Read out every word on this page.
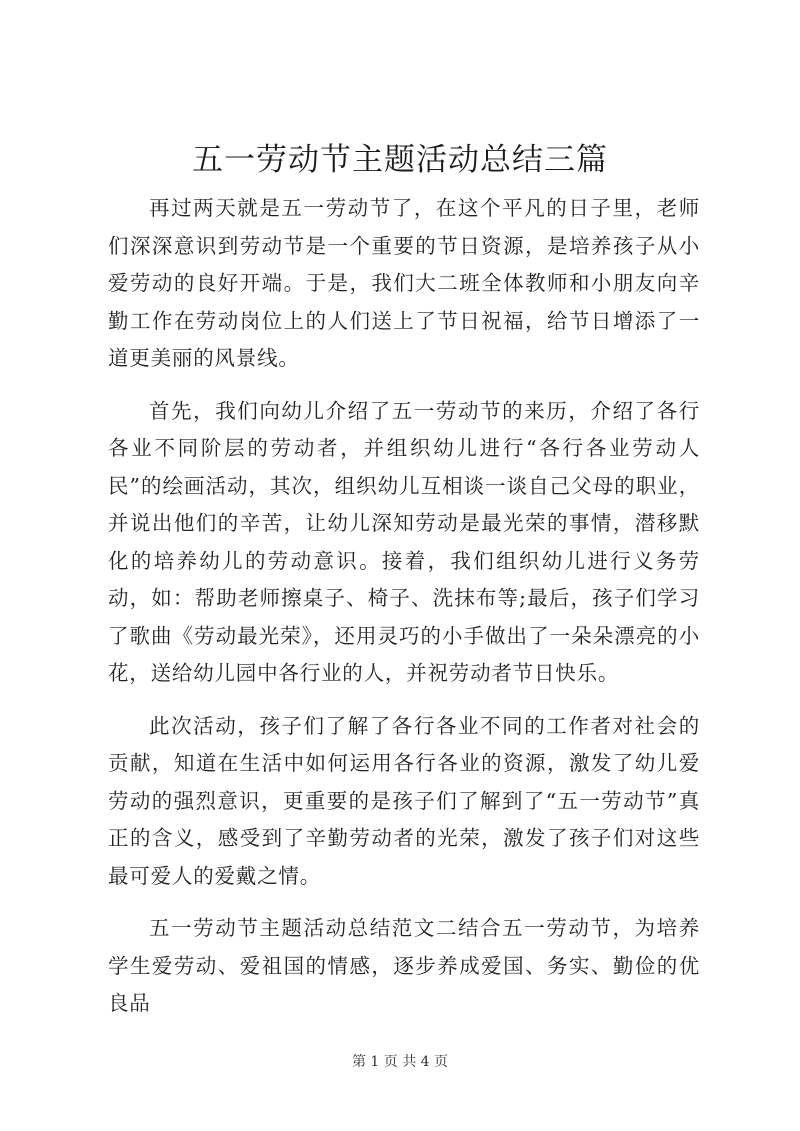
五一劳动节主题活动总结三篇

再过两天就是五一劳动节了，在这个平凡的日子里，老师们深深意识到劳动节是一个重要的节日资源，是培养孩子从小爱劳动的良好开端。于是，我们大二班全体教师和小朋友向辛勤工作在劳动岗位上的人们送上了节日祝福，给节日增添了一道更美丽的风景线。

首先，我们向幼儿介绍了五一劳动节的来历，介绍了各行各业不同阶层的劳动者，并组织幼儿进行“各行各业劳动人民”的绘画活动，其次，组织幼儿互相谈一谈自己父母的职业，并说出他们的辛苦，让幼儿深知劳动是最光荣的事情，潜移默化的培养幼儿的劳动意识。接着，我们组织幼儿进行义务劳动，如：帮助老师擦桌子、椅子、洗抹布等;最后，孩子们学习了歌曲《劳动最光荣》，还用灵巧的小手做出了一朵朵漂亮的小花，送给幼儿园中各行业的人，并祝劳动者节日快乐。

此次活动，孩子们了解了各行各业不同的工作者对社会的贡献，知道在生活中如何运用各行各业的资源，激发了幼儿爱劳动的强烈意识，更重要的是孩子们了解到了“五一劳动节”真正的含义，感受到了辛勤劳动者的光荣，激发了孩子们对这些最可爱人的爱戴之情。

五一劳动节主题活动总结范文二结合五一劳动节，为培养学生爱劳动、爱祖国的情感，逐步养成爱国、务实、勤俭的优良品

第 1 页 共 4 页
